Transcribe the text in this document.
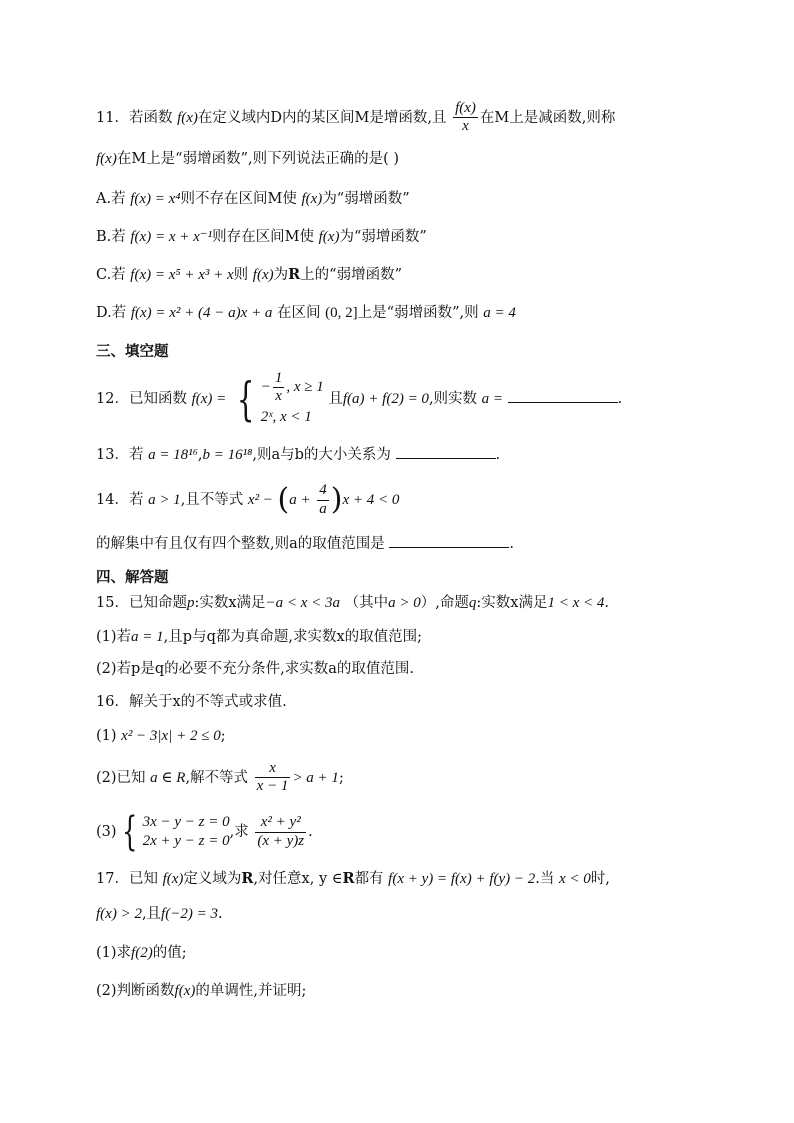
11．若函数 f(x)在定义域内D内的某区间M是增函数,且 $\frac{f(x)}{x}$ 在M上是减函数,则称
f(x)在M上是“弱增函数”,则下列说法正确的是( )
A.若 f(x) = x⁴则不存在区间M使 f(x)为“弱增函数”
B.若 f(x) = x + x⁻¹则存在区间M使 f(x)为“弱增函数”
C.若 f(x) = x⁵ + x³ + x则 f(x)为R上的“弱增函数”
D.若 f(x) = x² + (4 − a)x + a 在区间 (0, 2]上是“弱增函数”,则 a = 4
三、填空题
12．已知函数 f(x) = { − $\frac{1}{x}$ , x ≥ 1
2ˣ, x < 1
且f(a) + f(2) = 0,则实数 a =	.
13．若 a = 18¹⁶,b = 16¹⁸,则a与b的大小关系为	.
14．若 a > 1,且不等式 $x^2 - (a + \frac{4}{a} )x + 4 < 0$
的解集中有且仅有四个整数,则a的取值范围是	.
四、解答题
15．已知命题p:实数x满足−a < x < 3a （其中a > 0）,命题q:实数x满足1 < x < 4.
(1)若a = 1,且p与q都为真命题,求实数x的取值范围;
(2)若p是q的必要不充分条件,求实数a的取值范围.
16．解关于x的不等式或求值.
(1) x² − 3|x| + 2 ≤ 0;
(2)已知 a ∈ R,解不等式 $\frac{x}{x - 1} > a + 1$;
(3) { 3x − y − z = 0
2x + y − z = 0
,求 $\frac{\text{x² + y²}}{(x + y)z}$ .
17．已知 f(x)定义域为R,对任意x, y ∈R都有 f(x + y) = f(x) + f(y) − 2.当 x < 0时,
f(x) > 2,且f(−2) = 3.
(1)求f(2)的值;
(2)判断函数f(x)的单调性,并证明;
